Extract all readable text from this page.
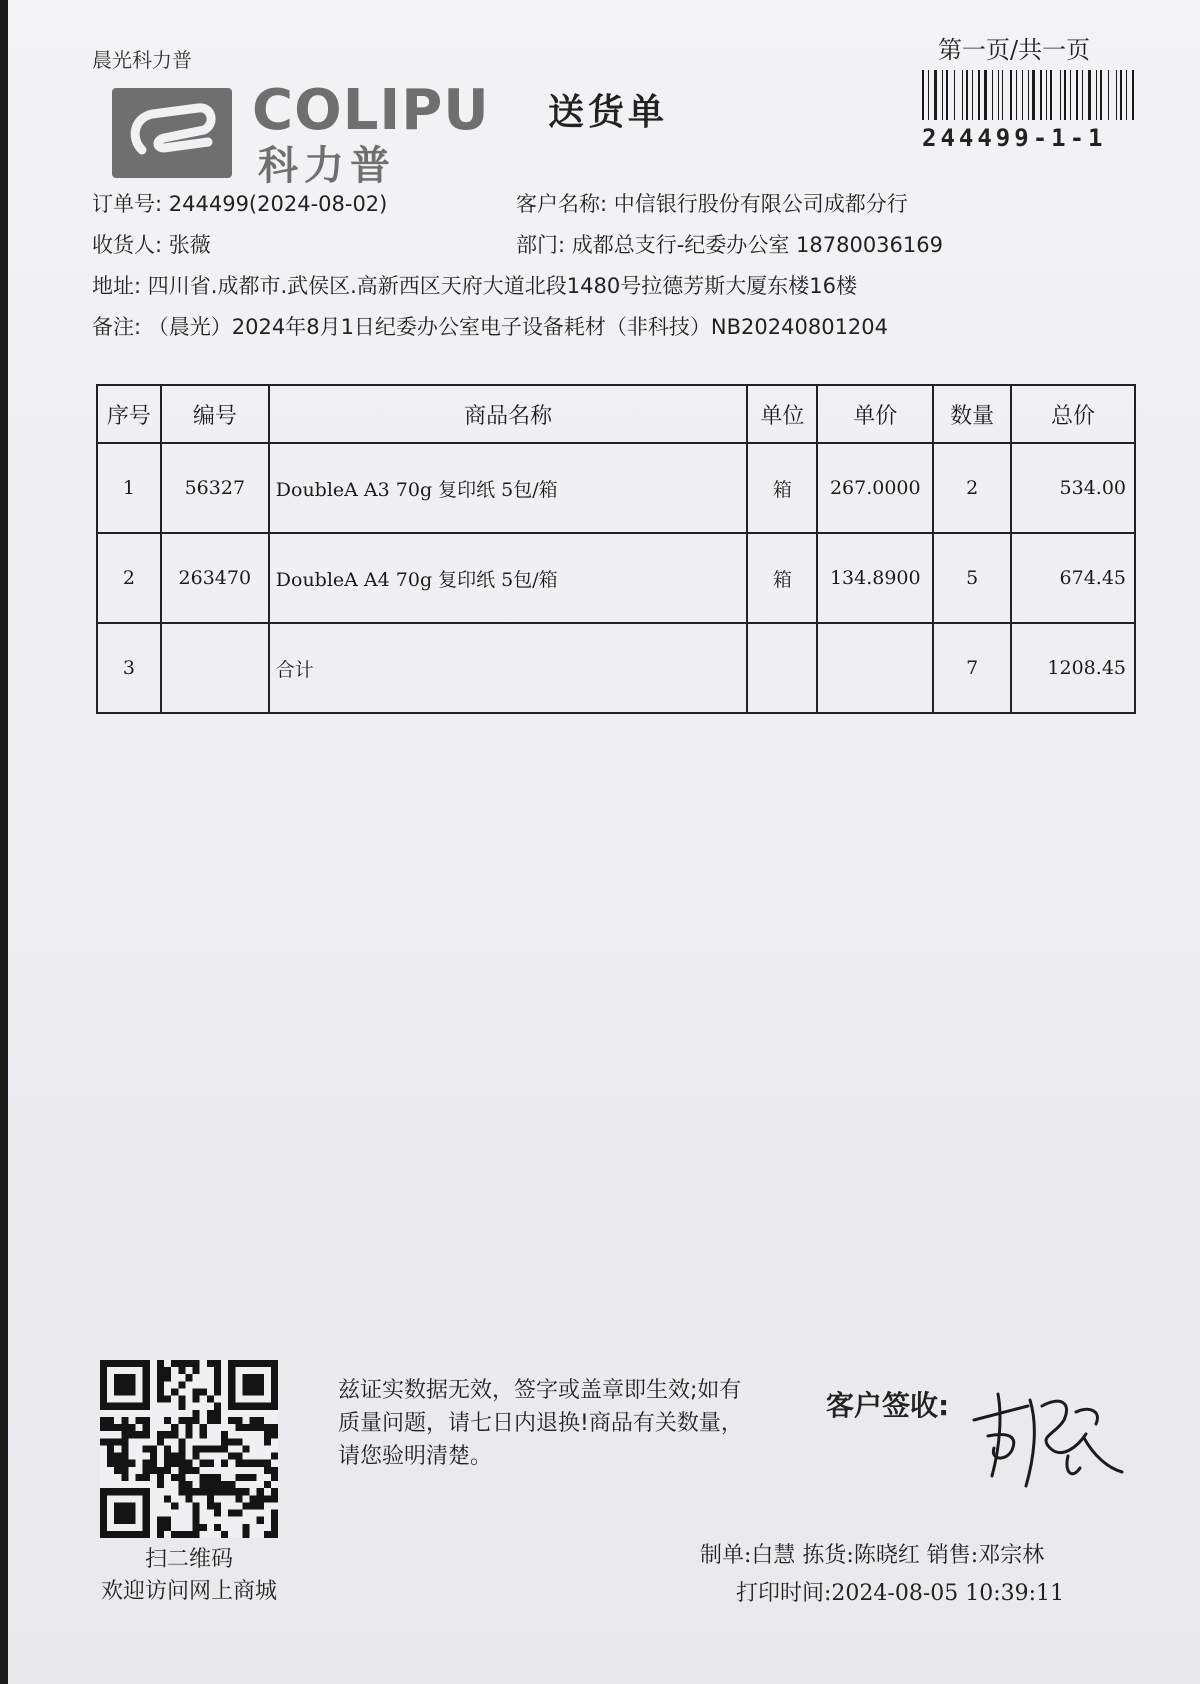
晨光科力普
COLIPU
科力普
送货单
第一页/共一页
244499-1-1
订单号: 244499(2024-08-02)	客户名称: 中信银行股份有限公司成都分行
收货人: 张薇	部门: 成都总支行-纪委办公室 18780036169
地址: 四川省.成都市.武侯区.高新西区天府大道北段1480号拉德芳斯大厦东楼16楼
备注: （晨光）2024年8月1日纪委办公室电子设备耗材（非科技）NB20240801204
序号	编号	商品名称	单位	单价	数量	总价
1	56327	DoubleA A3 70g 复印纸 5包/箱	箱	267.0000	2	534.00
2	263470	DoubleA A4 70g 复印纸 5包/箱	箱	134.8900	5	674.45
3		合计			7	1208.45
扫二维码
欢迎访问网上商城
兹证实数据无效，签字或盖章即生效;如有质量问题，请七日内退换!商品有关数量，请您验明清楚。
客户签收:
制单:白慧 拣货:陈晓红 销售:邓宗林
打印时间:2024-08-05 10:39:11
